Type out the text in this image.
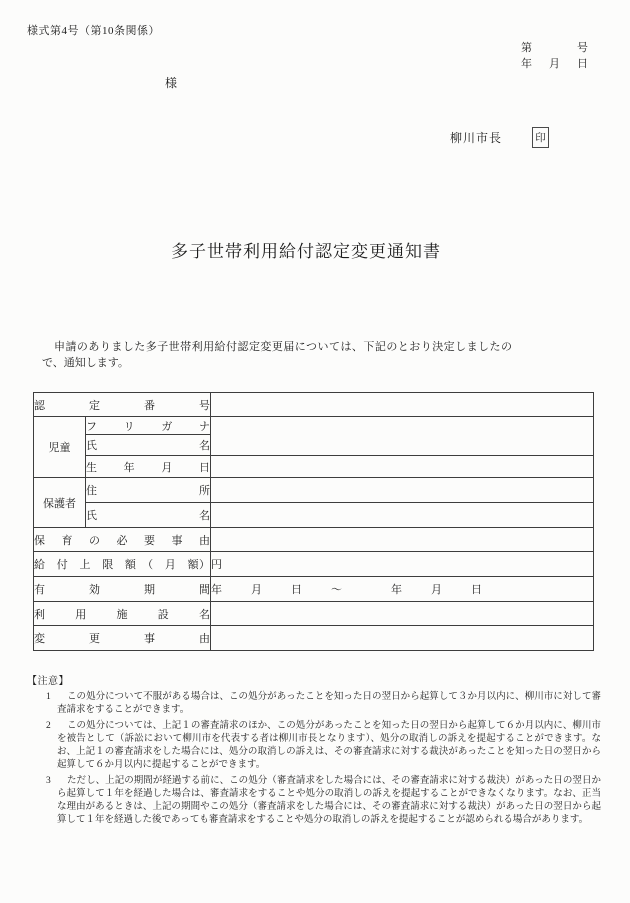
様式第4号（第10条関係）
第	号
年 月 日
様
柳川市長	印
多子世帯利用給付認定変更通知書
申請のありました多子世帯利用給付認定変更届については、下記のとおり決定しましたので、通知します。
認　定　番　号		
児童	フ　リ　ガ　ナ	
	氏　　名	
	生　年　月　日	
保護者	住　　所	
	氏　　名	
保　育　の　必　要　事　由		
給　付　上　限　額　（　月　額）		円
有　　効　　期　　間		年　月　日　～　　年　月　日
利　用　施　設　名		
変　　更　　事　　由		
【注意】
1 この処分について不服がある場合は、この処分があったことを知った日の翌日から起算して３か月以内に、柳川市に対して審査請求をすることができます。
2 この処分については、上記１の審査請求のほか、この処分があったことを知った日の翌日から起算して６か月以内に、柳川市を被告として（訴訟において柳川市を代表する者は柳川市長となります）、処分の取消しの訴えを提起することができます。なお、上記１の審査請求をした場合には、処分の取消しの訴えは、その審査請求に対する裁決があったことを知った日の翌日から起算して６か月以内に提起することができます。
3 ただし、上記の期間が経過する前に、この処分（審査請求をした場合には、その審査請求に対する裁決）があった日の翌日から起算して１年を経過した場合は、審査請求をすることや処分の取消しの訴えを提起することができなくなります。なお、正当な理由があるときは、上記の期間やこの処分（審査請求をした場合には、その審査請求に対する裁決）があった日の翌日から起算して１年を経過した後であっても審査請求をすることや処分の取消しの訴えを提起することが認められる場合があります。
